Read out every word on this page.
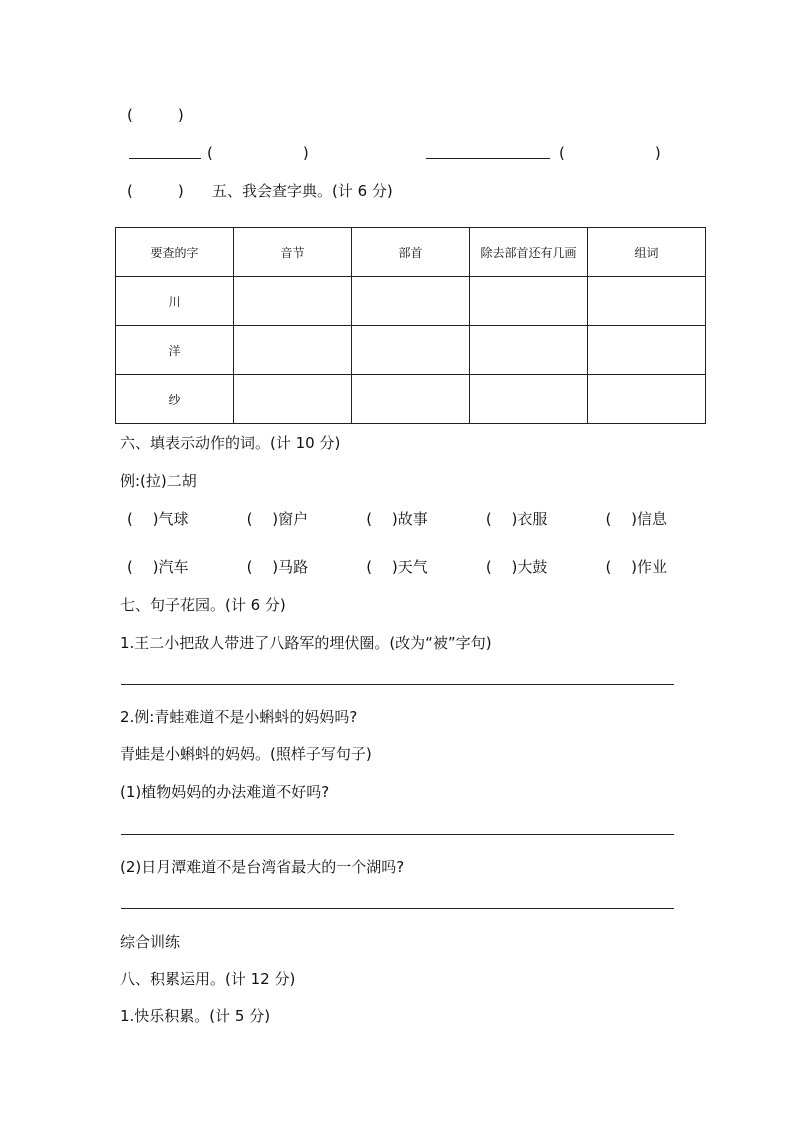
(　　　)
(　　　　　　)	(　　　　　　)
(　　　) 五、我会查字典。(计 6 分)
要查的字	音节	部首	除去部首还有几画	组词
川				
洋				
纱				
六、填表示动作的词。(计 10 分)
例:(拉)二胡
(　 )气球	(　 )窗户	(　 )故事	(　 )衣服	(　 )信息
(　 )汽车	(　 )马路	(　 )天气	(　 )大鼓	(　 )作业
七、句子花园。(计 6 分)
1.王二小把敌人带进了八路军的埋伏圈。(改为“被”字句)
2.例:青蛙难道不是小蝌蚪的妈妈吗?
青蛙是小蝌蚪的妈妈。(照样子写句子)
(1)植物妈妈的办法难道不好吗?
(2)日月潭难道不是台湾省最大的一个湖吗?
综合训练
八、积累运用。(计 12 分)
1.快乐积累。(计 5 分)
